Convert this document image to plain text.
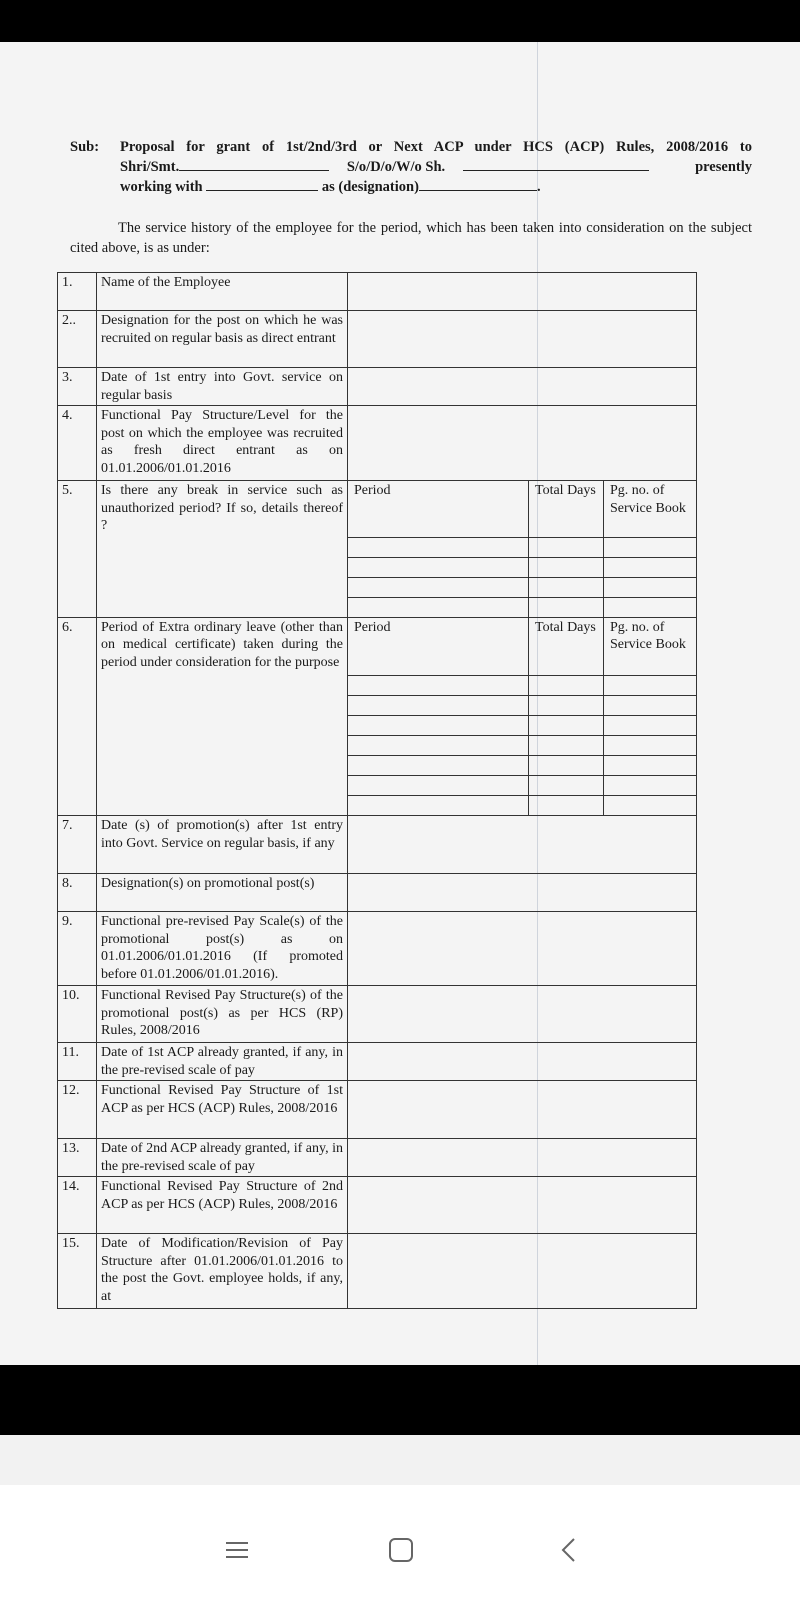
Sub: Proposal for grant of 1st/2nd/3rd or Next ACP under HCS (ACP) Rules, 2008/2016 to
Shri/Smt.	S/o/D/o/W/o Sh.	presently
working with	as (designation)	.
The service history of the employee for the period, which has been taken into consideration on the subject cited above, is as under:
1.	Name of the Employee	
2..	Designation for the post on which he was recruited on regular basis as direct entrant	
3.	Date of 1st entry into Govt. service on regular basis	
4.	Functional Pay Structure/Level for the post on which the employee was recruited as fresh direct entrant as on 01.01.2006/01.01.2016	
5.	Is there any break in service such as unauthorized period? If so, details thereof ?	
Period	Total Days	Pg. no. of Service Book

6.	Period of Extra ordinary leave (other than on medical certificate) taken during the period under consideration for the purpose	
Period	Total Days	Pg. no. of Service Book

7.	Date (s) of promotion(s) after 1st entry into Govt. Service on regular basis, if any	
8.	Designation(s) on promotional post(s)	
9.	Functional pre-revised Pay Scale(s) of the promotional post(s) as on 01.01.2006/01.01.2016 (If promoted before 01.01.2006/01.01.2016).	
10.	Functional Revised Pay Structure(s) of the promotional post(s) as per HCS (RP) Rules, 2008/2016	
11.	Date of 1st ACP already granted, if any, in the pre-revised scale of pay	
12.	Functional Revised Pay Structure of 1st ACP as per HCS (ACP) Rules, 2008/2016	
13.	Date of 2nd ACP already granted, if any, in the pre-revised scale of pay	
14.	Functional Revised Pay Structure of 2nd ACP as per HCS (ACP) Rules, 2008/2016	
15.	Date of Modification/Revision of Pay Structure after 01.01.2006/01.01.2016 to the post the Govt. employee holds, if any, at	
